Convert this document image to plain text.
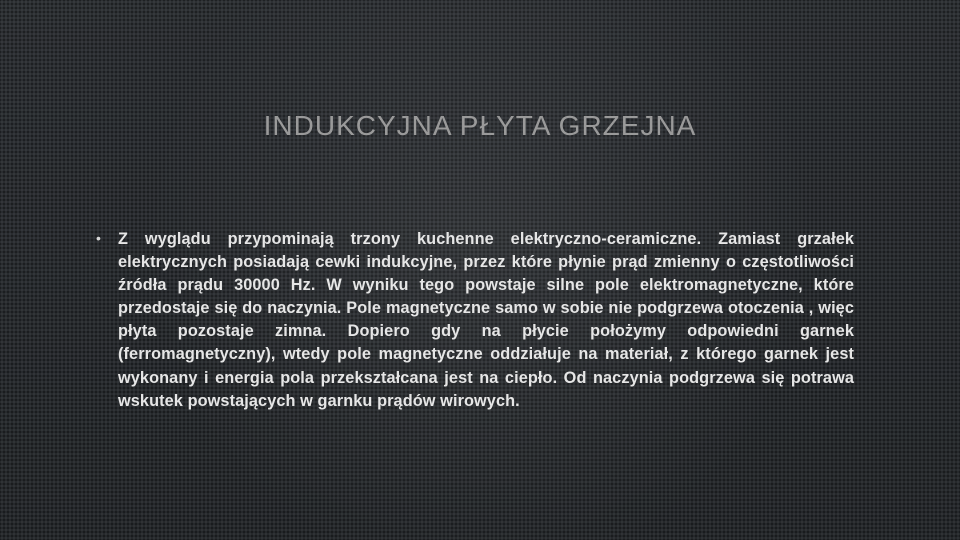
INDUKCYJNA PŁYTA GRZEJNA
•	Z wyglądu przypominają trzony kuchenne elektryczno-ceramiczne. Zamiast grzałek elektrycznych posiadają cewki indukcyjne, przez które płynie prąd zmienny o częstotliwości źródła prądu 30000 Hz. W wyniku tego powstaje silne pole elektromagnetyczne, które przedostaje się do naczynia. Pole magnetyczne samo w sobie nie podgrzewa otoczenia , więc płyta pozostaje zimna. Dopiero gdy na płycie położymy odpowiedni garnek (ferromagnetyczny), wtedy pole magnetyczne oddziałuje na materiał, z którego garnek jest wykonany i energia pola przekształcana jest na ciepło. Od naczynia podgrzewa się potrawa wskutek powstających w garnku prądów wirowych.
